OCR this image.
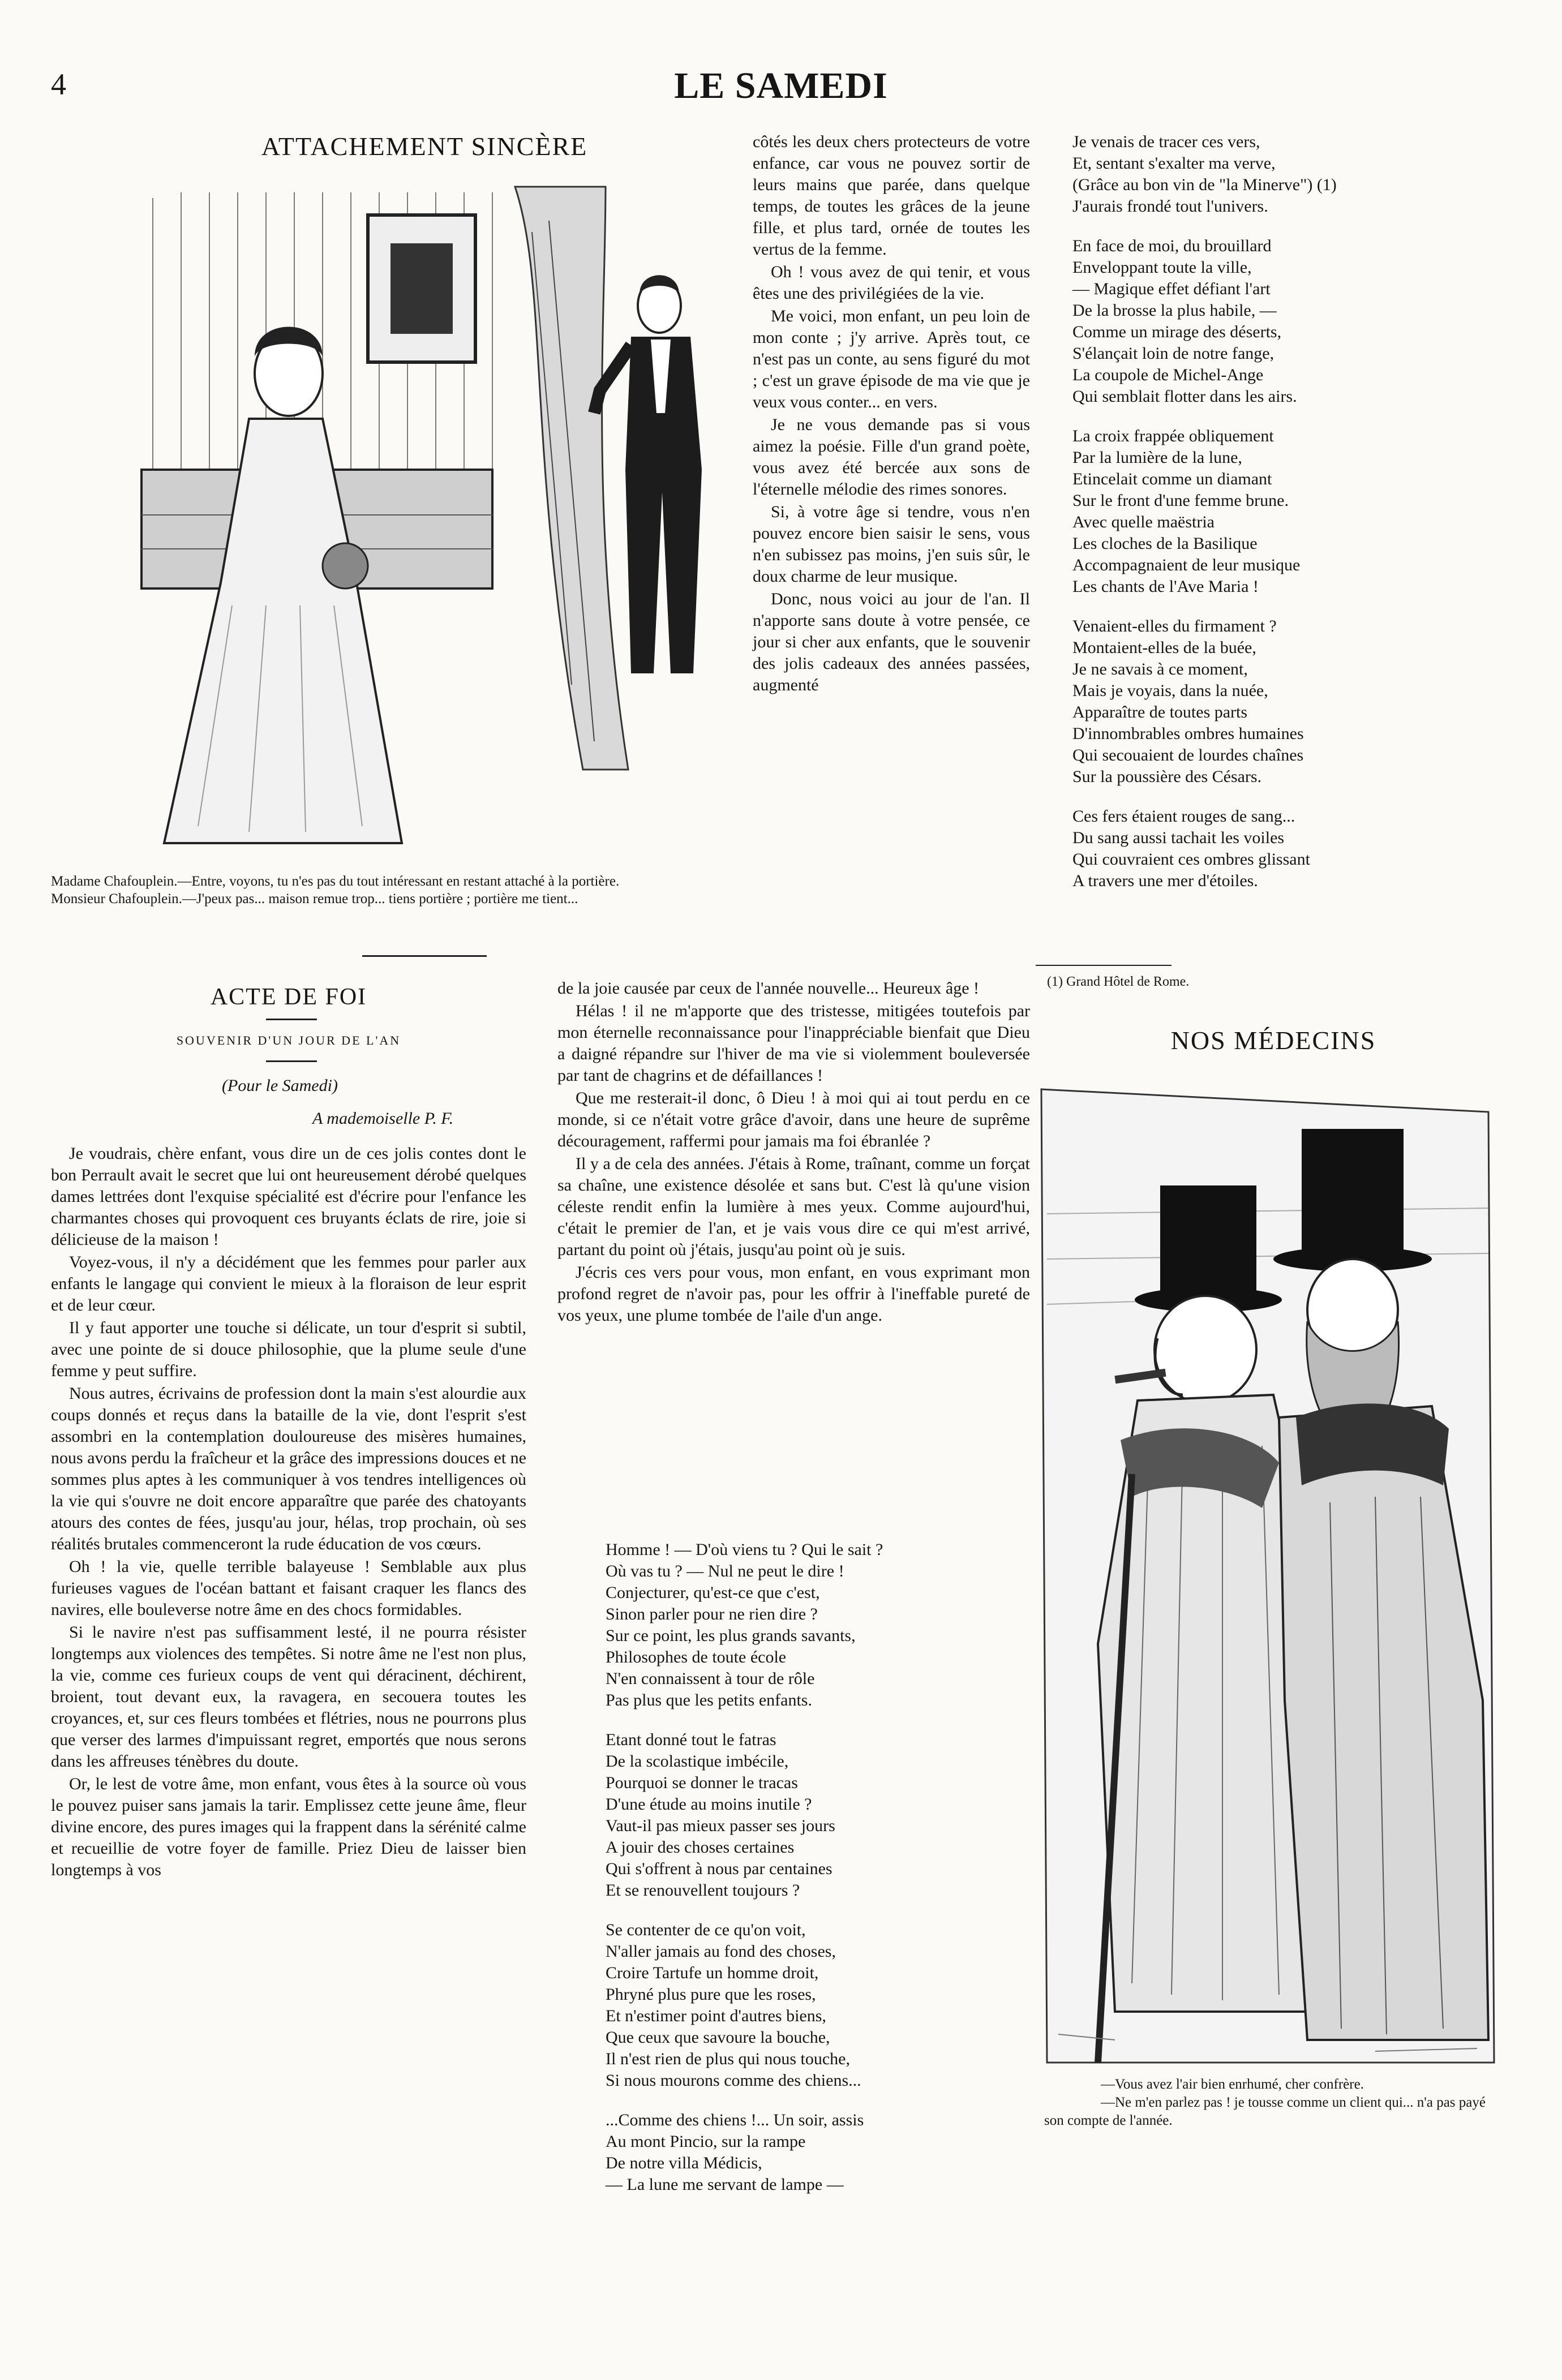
4	LE SAMEDI
ATTACHEMENT SINCÈRE
Madame Chafouplein.—Entre, voyons, tu n'es pas du tout intéressant en restant attaché à la portière.
Monsieur Chafouplein.—J'peux pas... maison remue trop... tiens portière ; portière me tient...
ACTE DE FOI
SOUVENIR D'UN JOUR DE L'AN
(Pour le Samedi)
A mademoiselle P. F.

Je voudrais, chère enfant, vous dire un de ces jolis contes dont le bon Perrault avait le secret que lui ont heureusement dérobé quelques dames lettrées dont l'exquise spécialité est d'écrire pour l'enfance les charmantes choses qui provoquent ces bruyants éclats de rire, joie si délicieuse de la maison !

Voyez-vous, il n'y a décidément que les femmes pour parler aux enfants le langage qui convient le mieux à la floraison de leur esprit et de leur cœur.

Il y faut apporter une touche si délicate, un tour d'esprit si subtil, avec une pointe de si douce philosophie, que la plume seule d'une femme y peut suffire.

Nous autres, écrivains de profession dont la main s'est alourdie aux coups donnés et reçus dans la bataille de la vie, dont l'esprit s'est assombri en la contemplation douloureuse des misères humaines, nous avons perdu la fraîcheur et la grâce des impressions douces et ne sommes plus aptes à les communiquer à vos tendres intelligences où la vie qui s'ouvre ne doit encore apparaître que parée des chatoyants atours des contes de fées, jusqu'au jour, hélas, trop prochain, où ses réalités brutales commenceront la rude éducation de vos cœurs.

Oh ! la vie, quelle terrible balayeuse ! Semblable aux plus furieuses vagues de l'océan battant et faisant craquer les flancs des navires, elle bouleverse notre âme en des chocs formidables.

Si le navire n'est pas suffisamment lesté, il ne pourra résister longtemps aux violences des tempêtes. Si notre âme ne l'est non plus, la vie, comme ces furieux coups de vent qui déracinent, déchirent, broient, tout devant eux, la ravagera, en secouera toutes les croyances, et, sur ces fleurs tombées et flétries, nous ne pourrons plus que verser des larmes d'impuissant regret, emportés que nous serons dans les affreuses ténèbres du doute.

Or, le lest de votre âme, mon enfant, vous êtes à la source où vous le pouvez puiser sans jamais la tarir. Emplissez cette jeune âme, fleur divine encore, des pures images qui la frappent dans la sérénité calme et recueillie de votre foyer de famille. Priez Dieu de laisser bien longtemps à vos

côtés les deux chers protecteurs de votre enfance, car vous ne pouvez sortir de leurs mains que parée, dans quelque temps, de toutes les grâces de la jeune fille, et plus tard, ornée de toutes les vertus de la femme.

Oh ! vous avez de qui tenir, et vous êtes une des privilégiées de la vie.

Me voici, mon enfant, un peu loin de mon conte ; j'y arrive. Après tout, ce n'est pas un conte, au sens figuré du mot ; c'est un grave épisode de ma vie que je veux vous conter... en vers.

Je ne vous demande pas si vous aimez la poésie. Fille d'un grand poète, vous avez été bercée aux sons de l'éternelle mélodie des rimes sonores.

Si, à votre âge si tendre, vous n'en pouvez encore bien saisir le sens, vous n'en subissez pas moins, j'en suis sûr, le doux charme de leur musique.

Donc, nous voici au jour de l'an. Il n'apporte sans doute à votre pensée, ce jour si cher aux enfants, que le souvenir des jolis cadeaux des années passées, augmenté

de la joie causée par ceux de l'année nouvelle... Heureux âge !

Hélas ! il ne m'apporte que des tristesse, mitigées toutefois par mon éternelle reconnaissance pour l'inappréciable bienfait que Dieu a daigné répandre sur l'hiver de ma vie si violemment bouleversée par tant de chagrins et de défaillances !

Que me resterait-il donc, ô Dieu ! à moi qui ai tout perdu en ce monde, si ce n'était votre grâce d'avoir, dans une heure de suprême découragement, raffermi pour jamais ma foi ébranlée ?

Il y a de cela des années. J'étais à Rome, traînant, comme un forçat sa chaîne, une existence désolée et sans but. C'est là qu'une vision céleste rendit enfin la lumière à mes yeux. Comme aujourd'hui, c'était le premier de l'an, et je vais vous dire ce qui m'est arrivé, partant du point où j'étais, jusqu'au point où je suis.

J'écris ces vers pour vous, mon enfant, en vous exprimant mon profond regret de n'avoir pas, pour les offrir à l'ineffable pureté de vos yeux, une plume tombée de l'aile d'un ange.

Homme ! — D'où viens tu ? Qui le sait ?
Où vas tu ? — Nul ne peut le dire !
Conjecturer, qu'est-ce que c'est,
Sinon parler pour ne rien dire ?
Sur ce point, les plus grands savants,
Philosophes de toute école
N'en connaissent à tour de rôle
Pas plus que les petits enfants.
Etant donné tout le fatras
De la scolastique imbécile,
Pourquoi se donner le tracas
D'une étude au moins inutile ?
Vaut-il pas mieux passer ses jours
A jouir des choses certaines
Qui s'offrent à nous par centaines
Et se renouvellent toujours ?
Se contenter de ce qu'on voit,
N'aller jamais au fond des choses,
Croire Tartufe un homme droit,
Phryné plus pure que les roses,
Et n'estimer point d'autres biens,
Que ceux que savoure la bouche,
Il n'est rien de plus qui nous touche,
Si nous mourons comme des chiens...
...Comme des chiens !... Un soir, assis
Au mont Pincio, sur la rampe
De notre villa Médicis,
— La lune me servant de lampe —
Je venais de tracer ces vers,
Et, sentant s'exalter ma verve,
(Grâce au bon vin de "la Minerve") (1)
J'aurais frondé tout l'univers.
En face de moi, du brouillard
Enveloppant toute la ville,
— Magique effet défiant l'art
De la brosse la plus habile, —
Comme un mirage des déserts,
S'élançait loin de notre fange,
La coupole de Michel-Ange
Qui semblait flotter dans les airs.
La croix frappée obliquement
Par la lumière de la lune,
Etincelait comme un diamant
Sur le front d'une femme brune.
Avec quelle maëstria
Les cloches de la Basilique
Accompagnaient de leur musique
Les chants de l'Ave Maria !
Venaient-elles du firmament ?
Montaient-elles de la buée,
Je ne savais à ce moment,
Mais je voyais, dans la nuée,
Apparaître de toutes parts
D'innombrables ombres humaines
Qui secouaient de lourdes chaînes
Sur la poussière des Césars.
Ces fers étaient rouges de sang...
Du sang aussi tachait les voiles
Qui couvraient ces ombres glissant
A travers une mer d'étoiles.
(1) Grand Hôtel de Rome.
NOS MÉDECINS
—Vous avez l'air bien enrhumé, cher confrère.
—Ne m'en parlez pas ! je tousse comme un client qui... n'a pas payé son compte de l'année.
